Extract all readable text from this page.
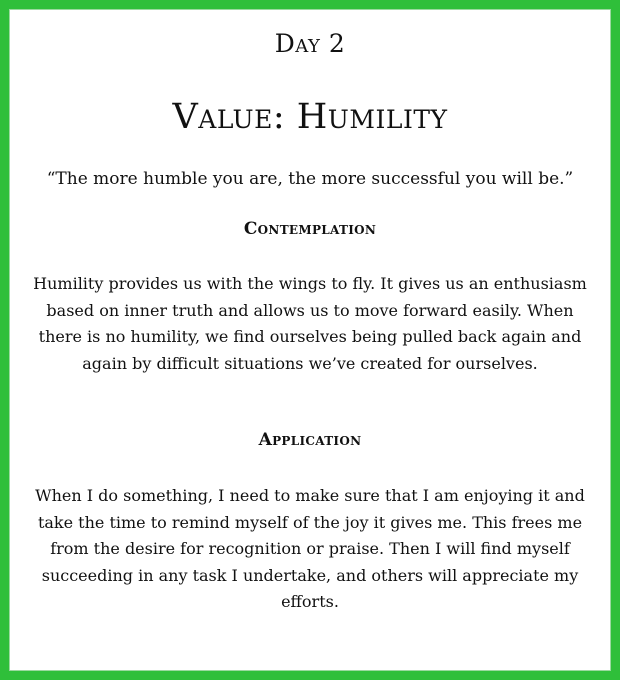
Day 2
Value: Humility
“The more humble you are, the more successful you will be.”
Contemplation
Humility provides us with the wings to fly. It gives us an enthusiasm based on inner truth and allows us to move forward easily. When there is no humility, we find ourselves being pulled back again and again by difficult situations we’ve created for ourselves.
Application
When I do something, I need to make sure that I am enjoying it and take the time to remind myself of the joy it gives me. This frees me from the desire for recognition or praise. Then I will find myself succeeding in any task I undertake, and others will appreciate my efforts.
